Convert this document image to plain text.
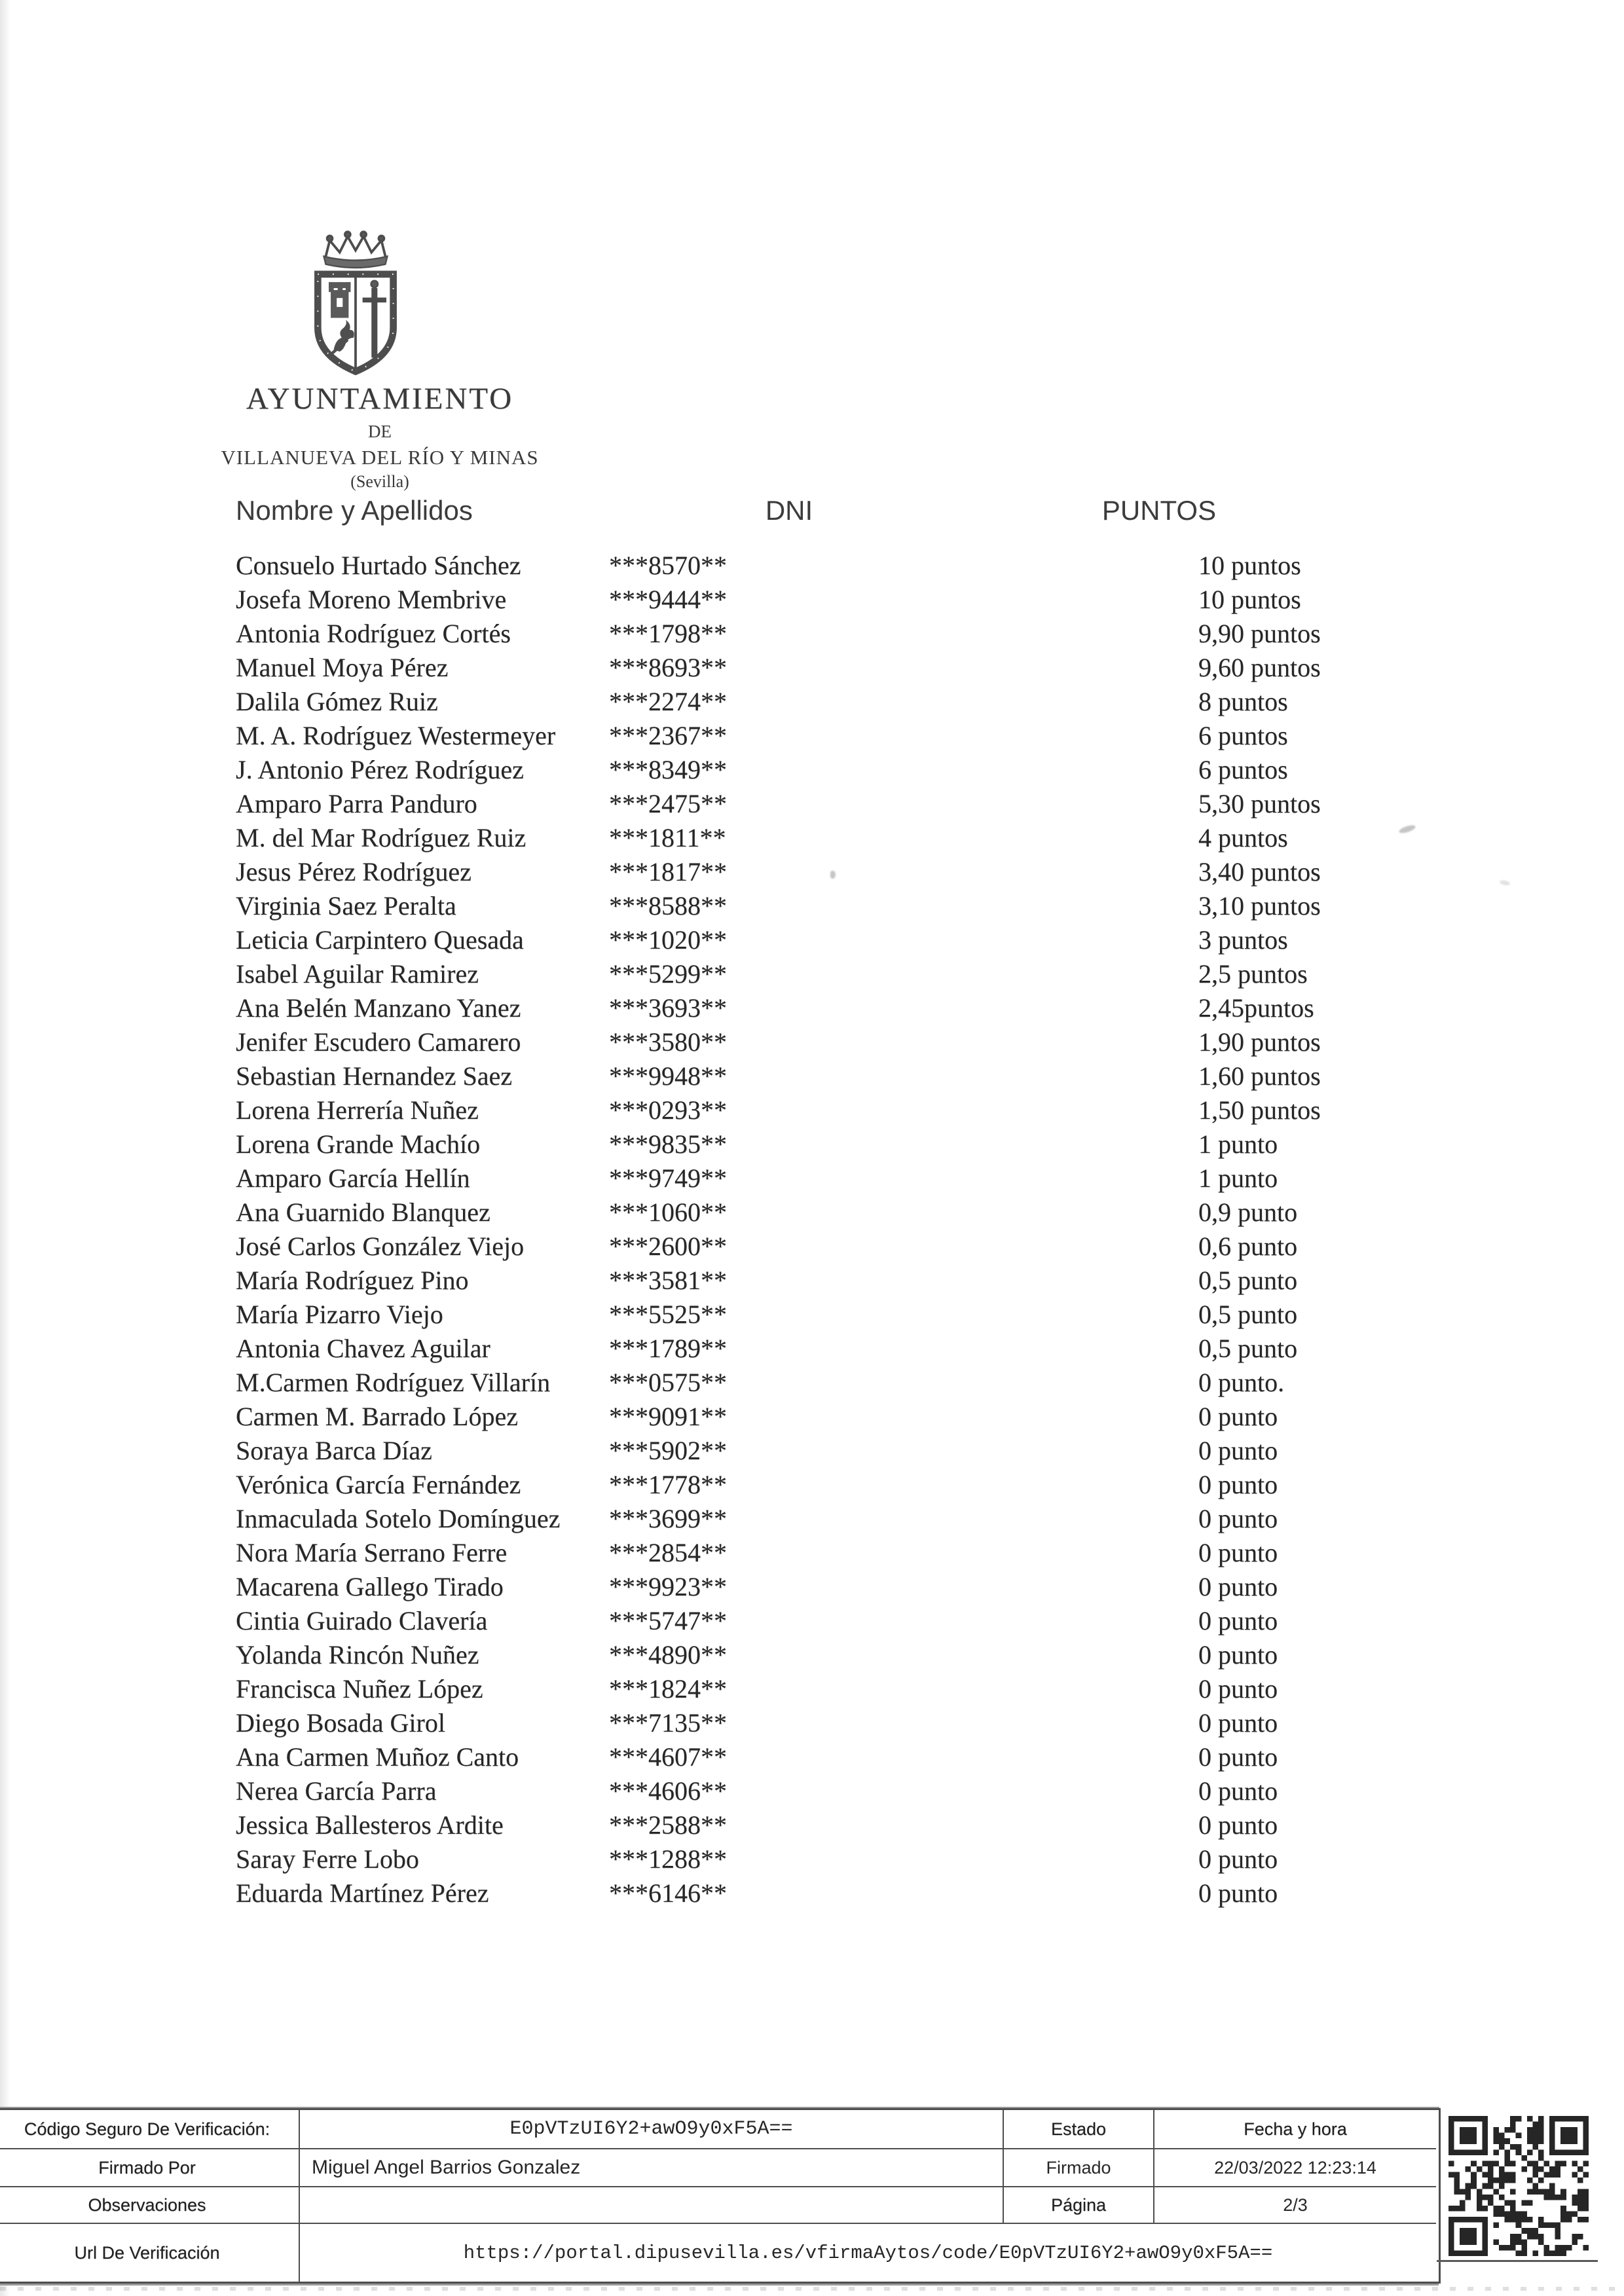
AYUNTAMIENTO
DE
VILLANUEVA DEL RÍO Y MINAS
(Sevilla)
Nombre y Apellidos	DNI	PUNTOS
Consuelo Hurtado Sánchez	***8570**	10 puntos
Josefa Moreno Membrive	***9444**	10 puntos
Antonia Rodríguez Cortés	***1798**	9,90 puntos
Manuel Moya Pérez	***8693**	9,60 puntos
Dalila Gómez Ruiz	***2274**	8 puntos
M. A. Rodríguez Westermeyer	***2367**	6 puntos
J. Antonio Pérez Rodríguez	***8349**	6 puntos
Amparo Parra Panduro	***2475**	5,30 puntos
M. del Mar Rodríguez Ruiz	***1811**	4 puntos
Jesus Pérez Rodríguez	***1817**	3,40 puntos
Virginia Saez Peralta	***8588**	3,10 puntos
Leticia Carpintero Quesada	***1020**	3 puntos
Isabel Aguilar Ramirez	***5299**	2,5 puntos
Ana Belén Manzano Yanez	***3693**	2,45puntos
Jenifer Escudero Camarero	***3580**	1,90 puntos
Sebastian Hernandez Saez	***9948**	1,60 puntos
Lorena Herrería Nuñez	***0293**	1,50 puntos
Lorena Grande Machío	***9835**	1 punto
Amparo García Hellín	***9749**	1 punto
Ana Guarnido Blanquez	***1060**	0,9 punto
José Carlos González Viejo	***2600**	0,6 punto
María Rodríguez Pino	***3581**	0,5 punto
María Pizarro Viejo	***5525**	0,5 punto
Antonia Chavez Aguilar	***1789**	0,5 punto
M.Carmen Rodríguez Villarín	***0575**	0 punto.
Carmen M. Barrado López	***9091**	0 punto
Soraya Barca Díaz	***5902**	0 punto
Verónica García Fernández	***1778**	0 punto
Inmaculada Sotelo Domínguez	***3699**	0 punto
Nora María Serrano Ferre	***2854**	0 punto
Macarena Gallego Tirado	***9923**	0 punto
Cintia Guirado Clavería	***5747**	0 punto
Yolanda Rincón Nuñez	***4890**	0 punto
Francisca Nuñez López	***1824**	0 punto
Diego Bosada Girol	***7135**	0 punto
Ana Carmen Muñoz Canto	***4607**	0 punto
Nerea García Parra	***4606**	0 punto
Jessica Ballesteros Ardite	***2588**	0 punto
Saray Ferre Lobo	***1288**	0 punto
Eduarda Martínez Pérez	***6146**	0 punto
Código Seguro De Verificación:	E0pVTzUI6Y2+awO9y0xF5A==	Estado	Fecha y hora
Firmado Por	Miguel Angel Barrios Gonzalez	Firmado	22/03/2022 12:23:14
Observaciones	Página	2/3
Url De Verificación	https://portal.dipusevilla.es/vfirmaAytos/code/E0pVTzUI6Y2+awO9y0xF5A==
